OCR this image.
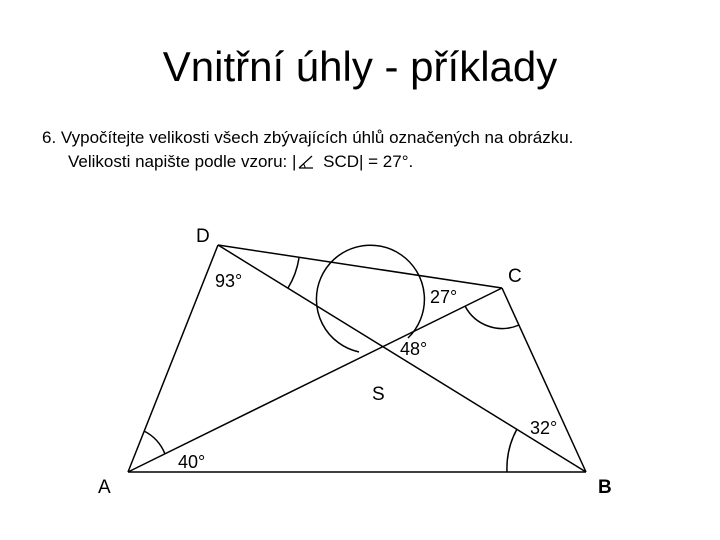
Vnitřní úhly - příklady
6. Vypočítejte velikosti všech zbývajících úhlů označených na obrázku.
Velikosti napište podle vzoru: | SCD| = 27°.
D
C
S
A	B
93°
27°
48°
32°
40°
